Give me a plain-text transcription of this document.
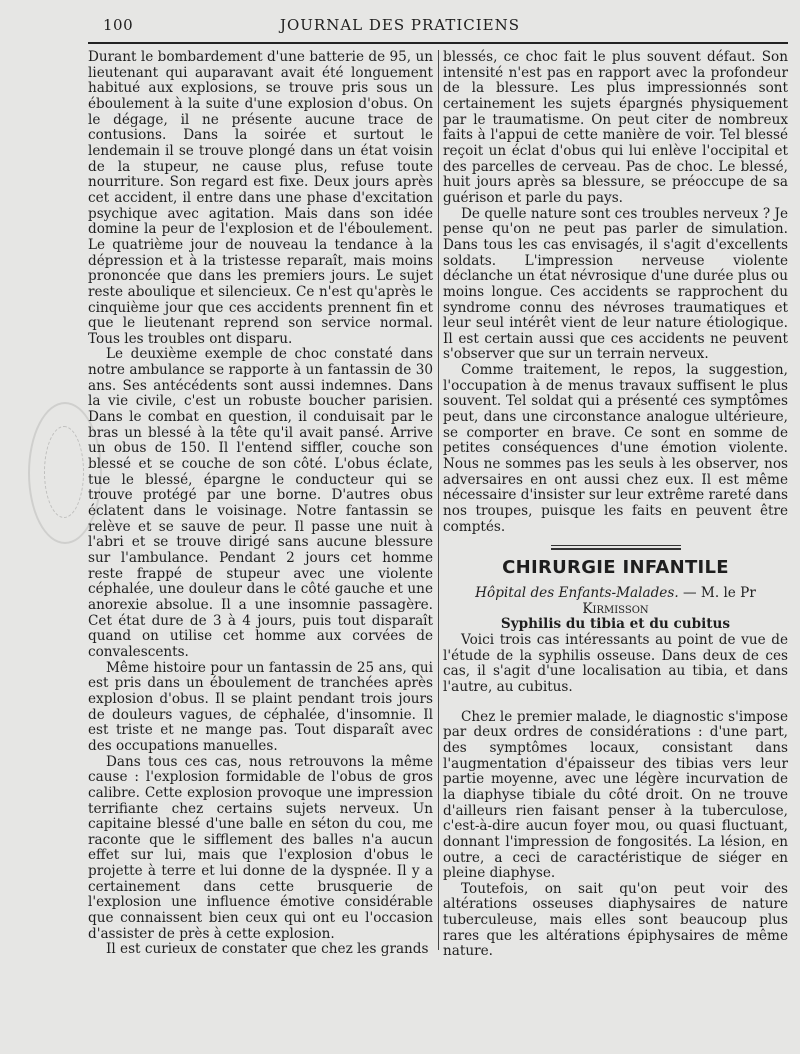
100	JOURNAL DES PRATICIENS

Durant le bombardement d'une batterie de 95, un lieutenant qui auparavant avait été longuement habitué aux explosions, se trouve pris sous un éboulement à la suite d'une explosion d'obus. On le dégage, il ne présente aucune trace de contusions. Dans la soirée et surtout le lendemain il se trouve plongé dans un état voisin de la stupeur, ne cause plus, refuse toute nourriture. Son regard est fixe. Deux jours après cet accident, il entre dans une phase d'excitation psychique avec agitation. Mais dans son idée domine la peur de l'explosion et de l'éboulement. Le quatrième jour de nouveau la tendance à la dépression et à la tristesse reparaît, mais moins prononcée que dans les premiers jours. Le sujet reste aboulique et silencieux. Ce n'est qu'après le cinquième jour que ces accidents prennent fin et que le lieutenant reprend son service normal. Tous les troubles ont disparu.

Le deuxième exemple de choc constaté dans notre ambulance se rapporte à un fantassin de 30 ans. Ses antécédents sont aussi indemnes. Dans la vie civile, c'est un robuste boucher parisien. Dans le combat en question, il conduisait par le bras un blessé à la tête qu'il avait pansé. Arrive un obus de 150. Il l'entend siffler, couche son blessé et se couche de son côté. L'obus éclate, tue le blessé, épargne le conducteur qui se trouve protégé par une borne. D'autres obus éclatent dans le voisinage. Notre fantassin se relève et se sauve de peur. Il passe une nuit à l'abri et se trouve dirigé sans aucune blessure sur l'ambulance. Pendant 2 jours cet homme reste frappé de stupeur avec une violente céphalée, une douleur dans le côté gauche et une anorexie absolue. Il a une insomnie passagère. Cet état dure de 3 à 4 jours, puis tout disparaît quand on utilise cet homme aux corvées de convalescents.

Même histoire pour un fantassin de 25 ans, qui est pris dans un éboulement de tranchées après explosion d'obus. Il se plaint pendant trois jours de douleurs vagues, de céphalée, d'insomnie. Il est triste et ne mange pas. Tout disparaît avec des occupations manuelles.

Dans tous ces cas, nous retrouvons la même cause : l'explosion formidable de l'obus de gros calibre. Cette explosion provoque une impression terrifiante chez certains sujets nerveux. Un capitaine blessé d'une balle en séton du cou, me raconte que le sifflement des balles n'a aucun effet sur lui, mais que l'explosion d'obus le projette à terre et lui donne de la dyspnée. Il y a certainement dans cette brusquerie de l'explosion une influence émotive considérable que connaissent bien ceux qui ont eu l'occasion d'assister de près à cette explosion.

Il est curieux de constater que chez les grands

blessés, ce choc fait le plus souvent défaut. Son intensité n'est pas en rapport avec la profondeur de la blessure. Les plus impressionnés sont certainement les sujets épargnés physiquement par le traumatisme. On peut citer de nombreux faits à l'appui de cette manière de voir. Tel blessé reçoit un éclat d'obus qui lui enlève l'occipital et des parcelles de cerveau. Pas de choc. Le blessé, huit jours après sa blessure, se préoccupe de sa guérison et parle du pays.

De quelle nature sont ces troubles nerveux ? Je pense qu'on ne peut pas parler de simulation. Dans tous les cas envisagés, il s'agit d'excellents soldats. L'impression nerveuse violente déclanche un état névrosique d'une durée plus ou moins longue. Ces accidents se rapprochent du syndrome connu des névroses traumatiques et leur seul intérêt vient de leur nature étiologique. Il est certain aussi que ces accidents ne peuvent s'observer que sur un terrain nerveux.

Comme traitement, le repos, la suggestion, l'occupation à de menus travaux suffisent le plus souvent. Tel soldat qui a présenté ces symptômes peut, dans une circonstance analogue ultérieure, se comporter en brave. Ce sont en somme de petites conséquences d'une émotion violente. Nous ne sommes pas les seuls à les observer, nos adversaires en ont aussi chez eux. Il est même nécessaire d'insister sur leur extrême rareté dans nos troupes, puisque les faits en peuvent être comptés.

CHIRURGIE INFANTILE

Hôpital des Enfants-Malades. — M. le Pr Kirmisson

Syphilis du tibia et du cubitus

Voici trois cas intéressants au point de vue de l'étude de la syphilis osseuse. Dans deux de ces cas, il s'agit d'une localisation au tibia, et dans l'autre, au cubitus.

Chez le premier malade, le diagnostic s'impose par deux ordres de considérations : d'une part, des symptômes locaux, consistant dans l'augmentation d'épaisseur des tibias vers leur partie moyenne, avec une légère incurvation de la diaphyse tibiale du côté droit. On ne trouve d'ailleurs rien faisant penser à la tuberculose, c'est-à-dire aucun foyer mou, ou quasi fluctuant, donnant l'impression de fongosités. La lésion, en outre, a ceci de caractéristique de siéger en pleine diaphyse.

Toutefois, on sait qu'on peut voir des altérations osseuses diaphysaires de nature tuberculeuse, mais elles sont beaucoup plus rares que les altérations épiphysaires de même nature.
